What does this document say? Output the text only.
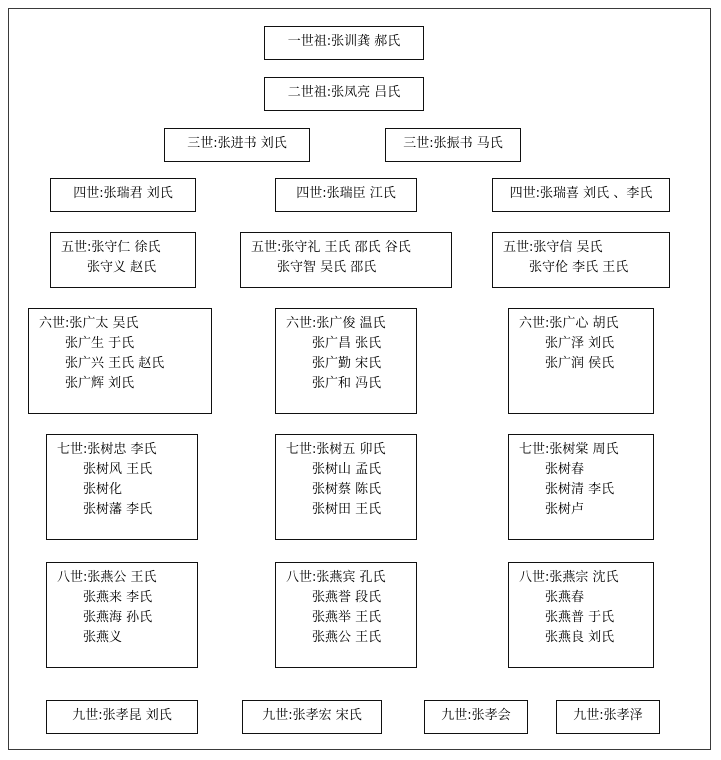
一世祖:张训龚 郝氏
二世祖:张凤亮 吕氏
三世:张进书 刘氏	三世:张振书 马氏
四世:张瑞君 刘氏	四世:张瑞臣 江氏	四世:张瑞喜 刘氏 、李氏
五世:张守仁 徐氏
张守义 赵氏
五世:张守礼 王氏 邵氏 谷氏
张守智 吴氏 邵氏
五世:张守信 吴氏
张守伦 李氏 王氏
六世:张广太 吴氏
张广生 于氏
张广兴 王氏 赵氏
张广辉 刘氏
六世:张广俊 温氏
张广昌 张氏
张广勤 宋氏
张广和 冯氏
六世:张广心 胡氏
张广泽 刘氏
张广润 侯氏
七世:张树忠 李氏
张树风 王氏
张树化
张树藩 李氏
七世:张树五 卯氏
张树山 孟氏
张树蔡 陈氏
张树田 王氏
七世:张树棠 周氏
张树春
张树清 李氏
张树卢
八世:张燕公 王氏
张燕来 李氏
张燕海 孙氏
张燕义
八世:张燕宾 孔氏
张燕誉 段氏
张燕举 王氏
张燕公 王氏
八世:张燕宗 沈氏
张燕春
张燕普 于氏
张燕良 刘氏
九世:张孝昆 刘氏	九世:张孝宏 宋氏	九世:张孝会	九世:张孝泽
